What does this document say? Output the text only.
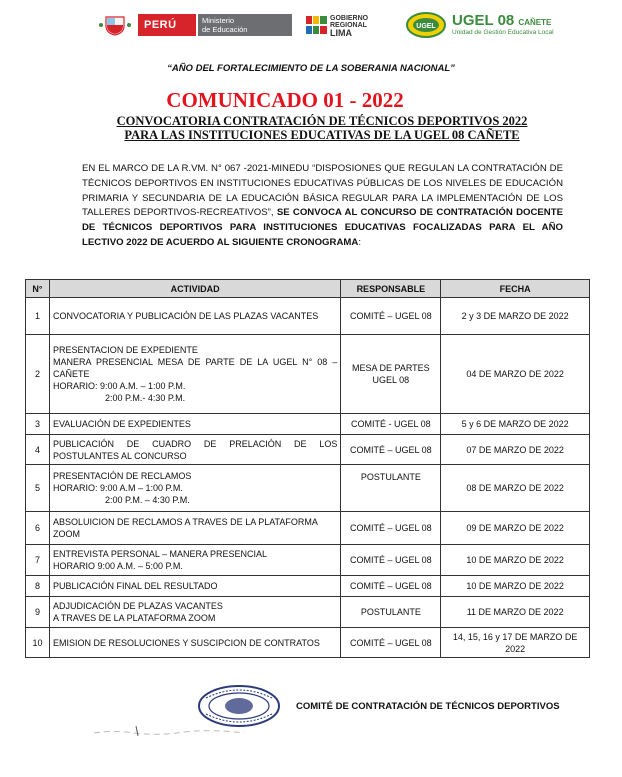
PERÚ	Ministerio
de Educación
GOBIERNO
REGIONAL
LIMA
UGEL UGEL 08 CAÑETE
Unidad de Gestión Educativa Local
“AÑO DEL FORTALECIMIENTO DE LA SOBERANIA NACIONAL”
COMUNICADO 01 - 2022
CONVOCATORIA CONTRATACIÓN DE TÉCNICOS DEPORTIVOS 2022
PARA LAS INSTITUCIONES EDUCATIVAS DE LA UGEL 08 CAÑETE
EN EL MARCO DE LA R.VM. N° 067 -2021-MINEDU “DISPOSIONES QUE REGULAN LA CONTRATACIÓN DE TÉCNICOS DEPORTIVOS EN INSTITUCIONES EDUCATIVAS PÚBLICAS DE LOS NIVELES DE EDUCACIÓN PRIMARIA Y SECUNDARIA DE LA EDUCACIÓN BÁSICA REGULAR PARA LA IMPLEMENTACIÓN DE LOS TALLERES DEPORTIVOS-RECREATIVOS”, SE CONVOCA AL CONCURSO DE CONTRATACIÓN DOCENTE DE TÉCNICOS DEPORTIVOS PARA INSTITUCIONES EDUCATIVAS FOCALIZADAS PARA EL AÑO LECTIVO 2022 DE ACUERDO AL SIGUIENTE CRONOGRAMA:
N°	ACTIVIDAD	RESPONSABLE	FECHA
1	CONVOCATORIA Y PUBLICACIÓN DE LAS PLAZAS VACANTES	COMITÉ – UGEL 08	2 y 3 DE MARZO DE 2022
2	PRESENTACION DE EXPEDIENTE
MANERA PRESENCIAL MESA DE PARTE DE LA UGEL N° 08 – CAÑETE
HORARIO: 9:00 A.M. – 1:00 P.M.
2:00 P.M.- 4:30 P.M.	MESA DE PARTES UGEL 08	04 DE MARZO DE 2022
3	EVALUACIÓN DE EXPEDIENTES	COMITÉ - UGEL 08	5 y 6 DE MARZO DE 2022
4	PUBLICACIÓN DE CUADRO DE PRELACIÓN DE LOS POSTULANTES AL CONCURSO	COMITÉ – UGEL 08	07 DE MARZO DE 2022
5	PRESENTACIÓN DE RECLAMOS
HORARIO: 9:00 A.M – 1:00 P.M.
2:00 P.M. – 4:30 P.M.	POSTULANTE	08 DE MARZO DE 2022
6	ABSOLUICION DE RECLAMOS A TRAVES DE LA PLATAFORMA ZOOM	COMITÉ – UGEL 08	09 DE MARZO DE 2022
7	ENTREVISTA PERSONAL – MANERA PRESENCIAL
HORARIO 9:00 A.M. – 5:00 P.M.	COMITÉ – UGEL 08	10 DE MARZO DE 2022
8	PUBLICACIÓN FINAL DEL RESULTADO	COMITÉ – UGEL 08	10 DE MARZO DE 2022
9	ADJUDICACIÓN DE PLAZAS VACANTES
A TRAVES DE LA PLATAFORMA ZOOM	POSTULANTE	11 DE MARZO DE 2022
10	EMISION DE RESOLUCIONES Y SUSCIPCION DE CONTRATOS	COMITÉ – UGEL 08	14, 15, 16 y 17 DE MARZO DE 2022
COMITÉ DE CONTRATACIÓN DE TÉCNICOS DEPORTIVOS
